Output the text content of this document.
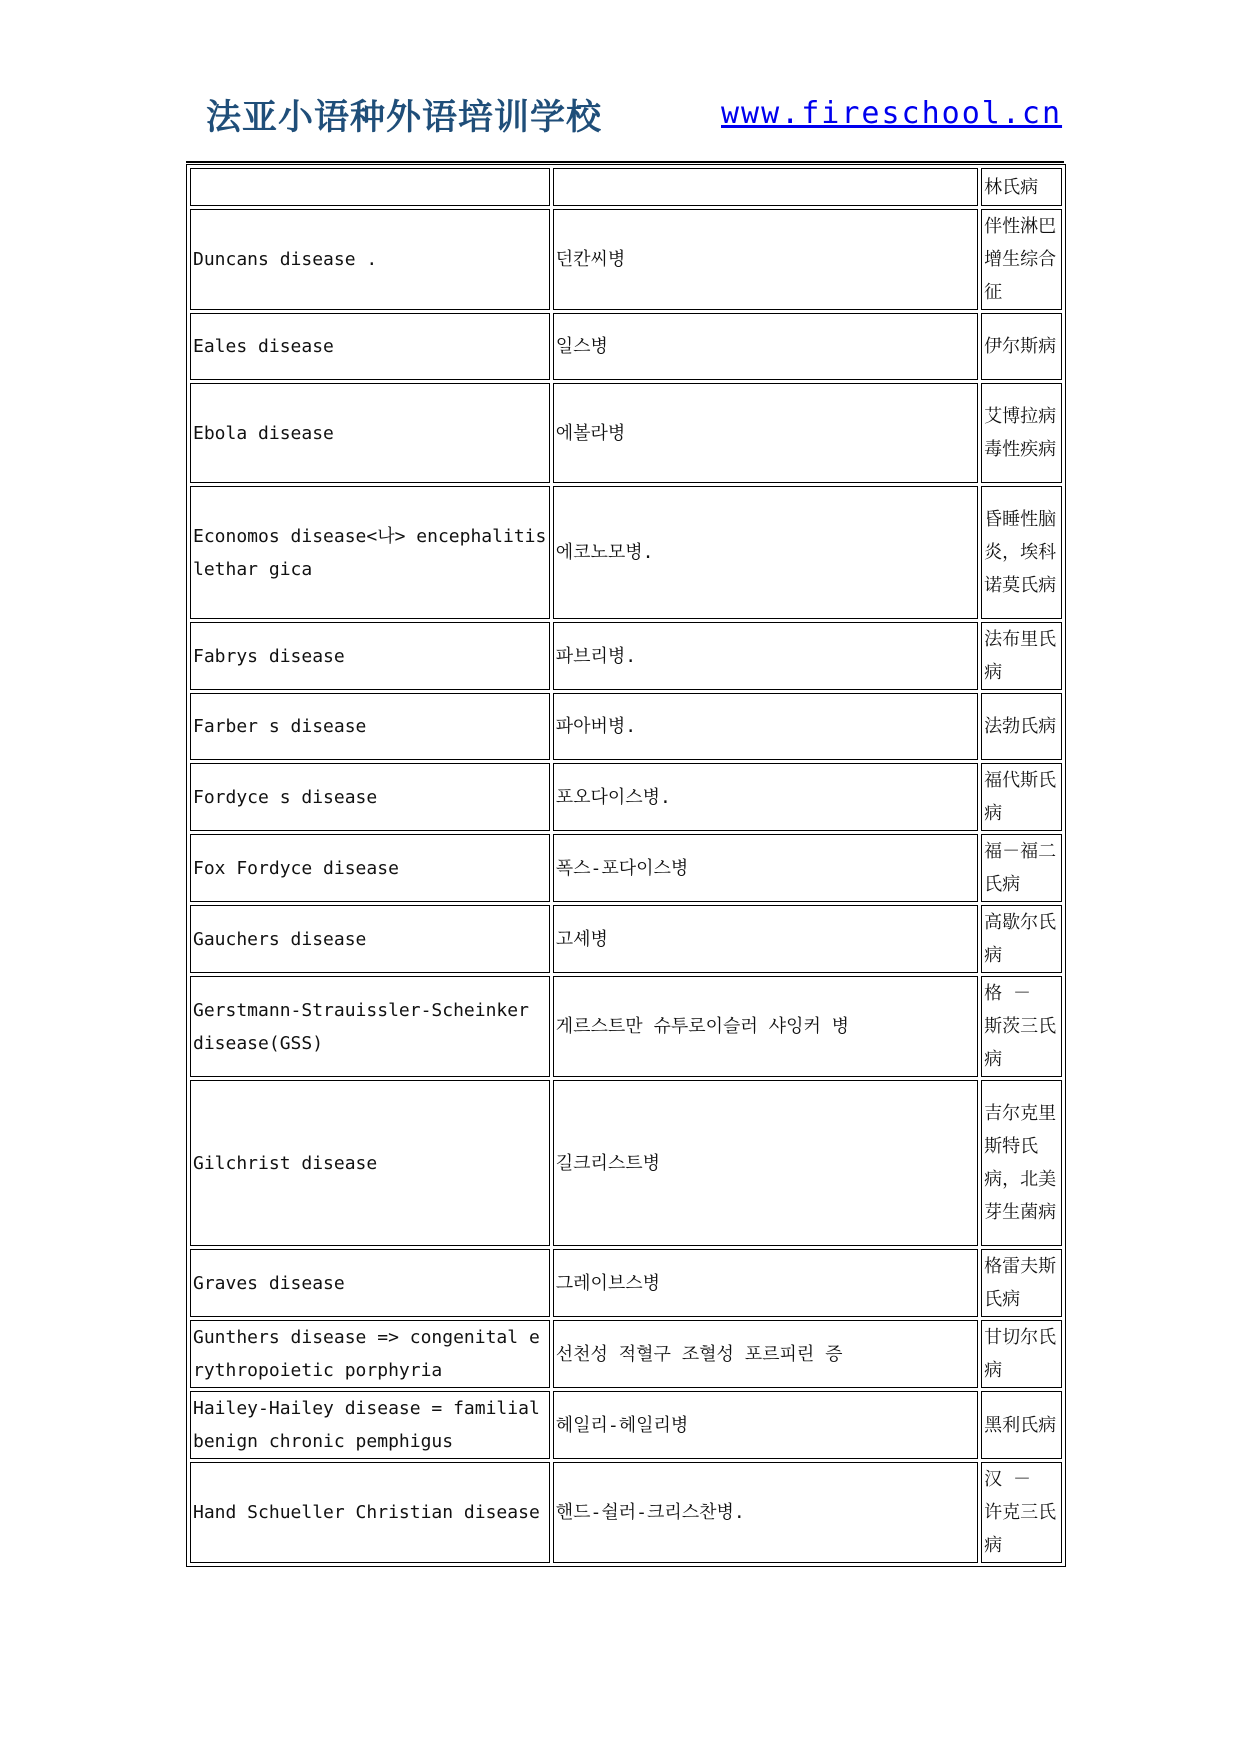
法亚小语种外语培训学校	www.fireschool.cn
		林氏病
Duncans disease .	던칸씨병	伴性淋巴增生综合征
Eales disease	일스병	伊尔斯病
Ebola disease	에볼라병	艾博拉病毒性疾病
Economos disease<나> encephalitis lethar gica	에코노모병.	昏睡性脑炎，埃科诺莫氏病
Fabrys disease	파브리병.	法布里氏病
Farber s disease	파아버병.	法勃氏病
Fordyce s disease	포오다이스병.	福代斯氏病
Fox Fordyce disease	폭스-포다이스병	福－福二氏病
Gauchers disease	고셰병	高歇尔氏病
Gerstmann-Strauissler-Scheinker disease(GSS)	게르스트만 슈투로이슬러 샤잉커 병	格 － 斯茨三氏病
Gilchrist disease	길크리스트병	吉尔克里斯特氏病，北美芽生菌病
Graves disease	그레이브스병	格雷夫斯氏病
Gunthers disease => congenital erythropoietic porphyria	선천성 적혈구 조혈성 포르피린 증	甘切尔氏病
Hailey-Hailey disease = familial benign chronic pemphigus	헤일리-헤일리병	黑利氏病
Hand Schueller Christian disease	핸드-쉴러-크리스찬병.	汉 － 许克三氏病
